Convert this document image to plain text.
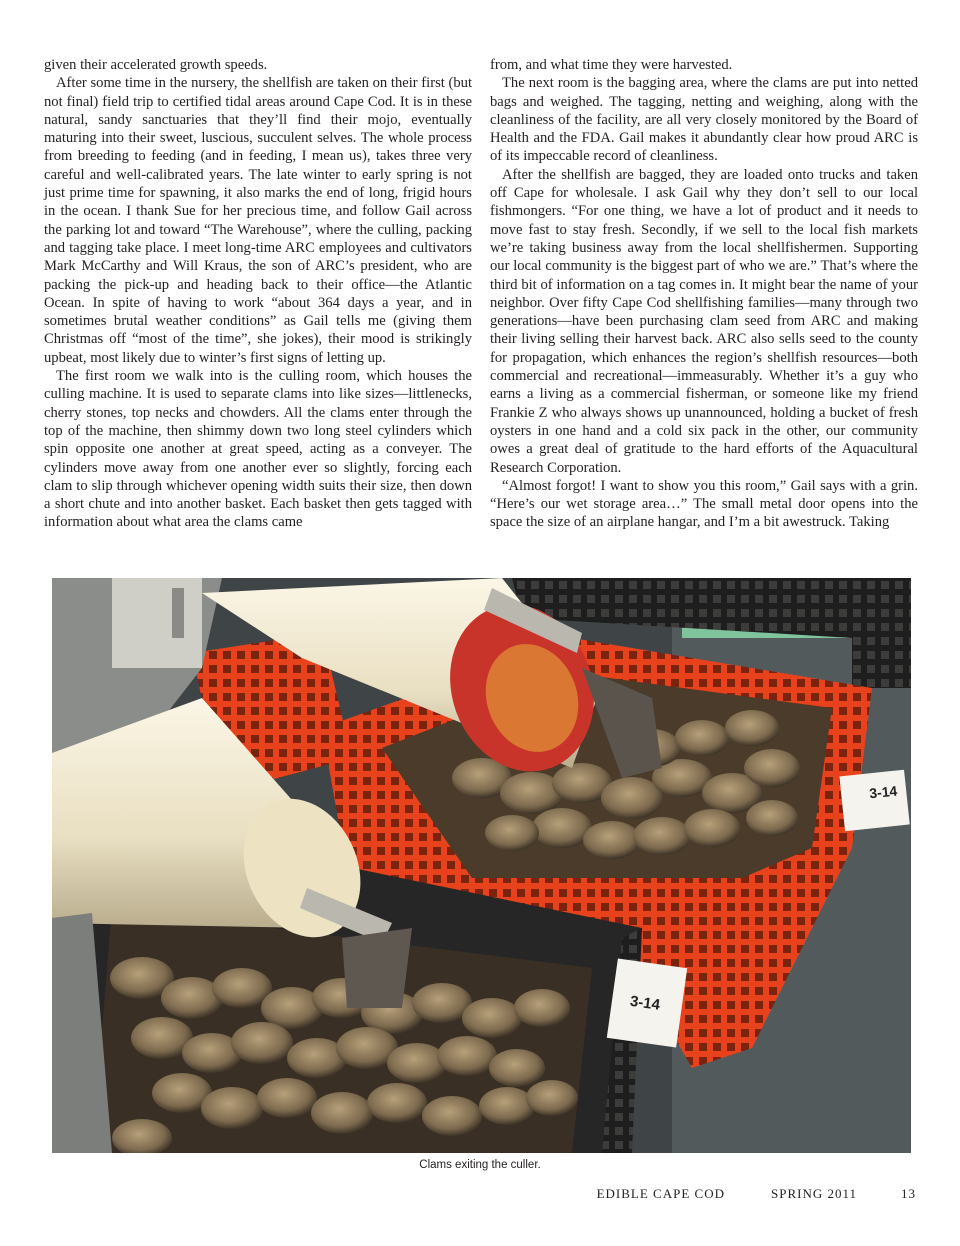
given their accelerated growth speeds.

After some time in the nursery, the shellfish are taken on their first (but not final) field trip to certified tidal areas around Cape Cod. It is in these natural, sandy sanctuaries that they’ll find their mojo, eventually maturing into their sweet, luscious, succulent selves. The whole process from breeding to feeding (and in feeding, I mean us), takes three very careful and well-calibrated years. The late winter to early spring is not just prime time for spawning, it also marks the end of long, frigid hours in the ocean. I thank Sue for her precious time, and follow Gail across the parking lot and toward “The Warehouse”, where the culling, packing and tagging take place. I meet long-time ARC employees and cultivators Mark McCarthy and Will Kraus, the son of ARC’s president, who are packing the pick-up and heading back to their office—the Atlantic Ocean. In spite of having to work “about 364 days a year, and in sometimes brutal weather conditions” as Gail tells me (giving them Christmas off “most of the time”, she jokes), their mood is strikingly upbeat, most likely due to winter’s first signs of letting up.

The first room we walk into is the culling room, which houses the culling machine. It is used to separate clams into like sizes—littlenecks, cherry stones, top necks and chowders. All the clams enter through the top of the machine, then shimmy down two long steel cylinders which spin opposite one another at great speed, acting as a conveyer. The cylinders move away from one another ever so slightly, forcing each clam to slip through whichever opening width suits their size, then down a short chute and into another basket. Each basket then gets tagged with information about what area the clams came

from, and what time they were harvested.

The next room is the bagging area, where the clams are put into netted bags and weighed. The tagging, netting and weighing, along with the cleanliness of the facility, are all very closely monitored by the Board of Health and the FDA. Gail makes it abundantly clear how proud ARC is of its impeccable record of cleanliness.

After the shellfish are bagged, they are loaded onto trucks and taken off Cape for wholesale. I ask Gail why they don’t sell to our local fishmongers. “For one thing, we have a lot of product and it needs to move fast to stay fresh. Secondly, if we sell to the local fish markets we’re taking business away from the local shellfishermen. Supporting our local community is the biggest part of who we are.” That’s where the third bit of information on a tag comes in. It might bear the name of your neighbor. Over fifty Cape Cod shellfishing families—many through two generations—have been purchasing clam seed from ARC and making their living selling their harvest back. ARC also sells seed to the county for propagation, which enhances the region’s shellfish resources—both commercial and recreational—immeasurably. Whether it’s a guy who earns a living as a commercial fisherman, or someone like my friend Frankie Z who always shows up unannounced, holding a bucket of fresh oysters in one hand and a cold six pack in the other, our community owes a great deal of gratitude to the hard efforts of the Aquacultural Research Corporation.

“Almost forgot! I want to show you this room,” Gail says with a grin. “Here’s our wet storage area…” The small metal door opens into the space the size of an airplane hangar, and I’m a bit awestruck. Taking

3-14
3-14
Clams exiting the culler.
EDIBLE CAPE COD	SPRING 2011	13
